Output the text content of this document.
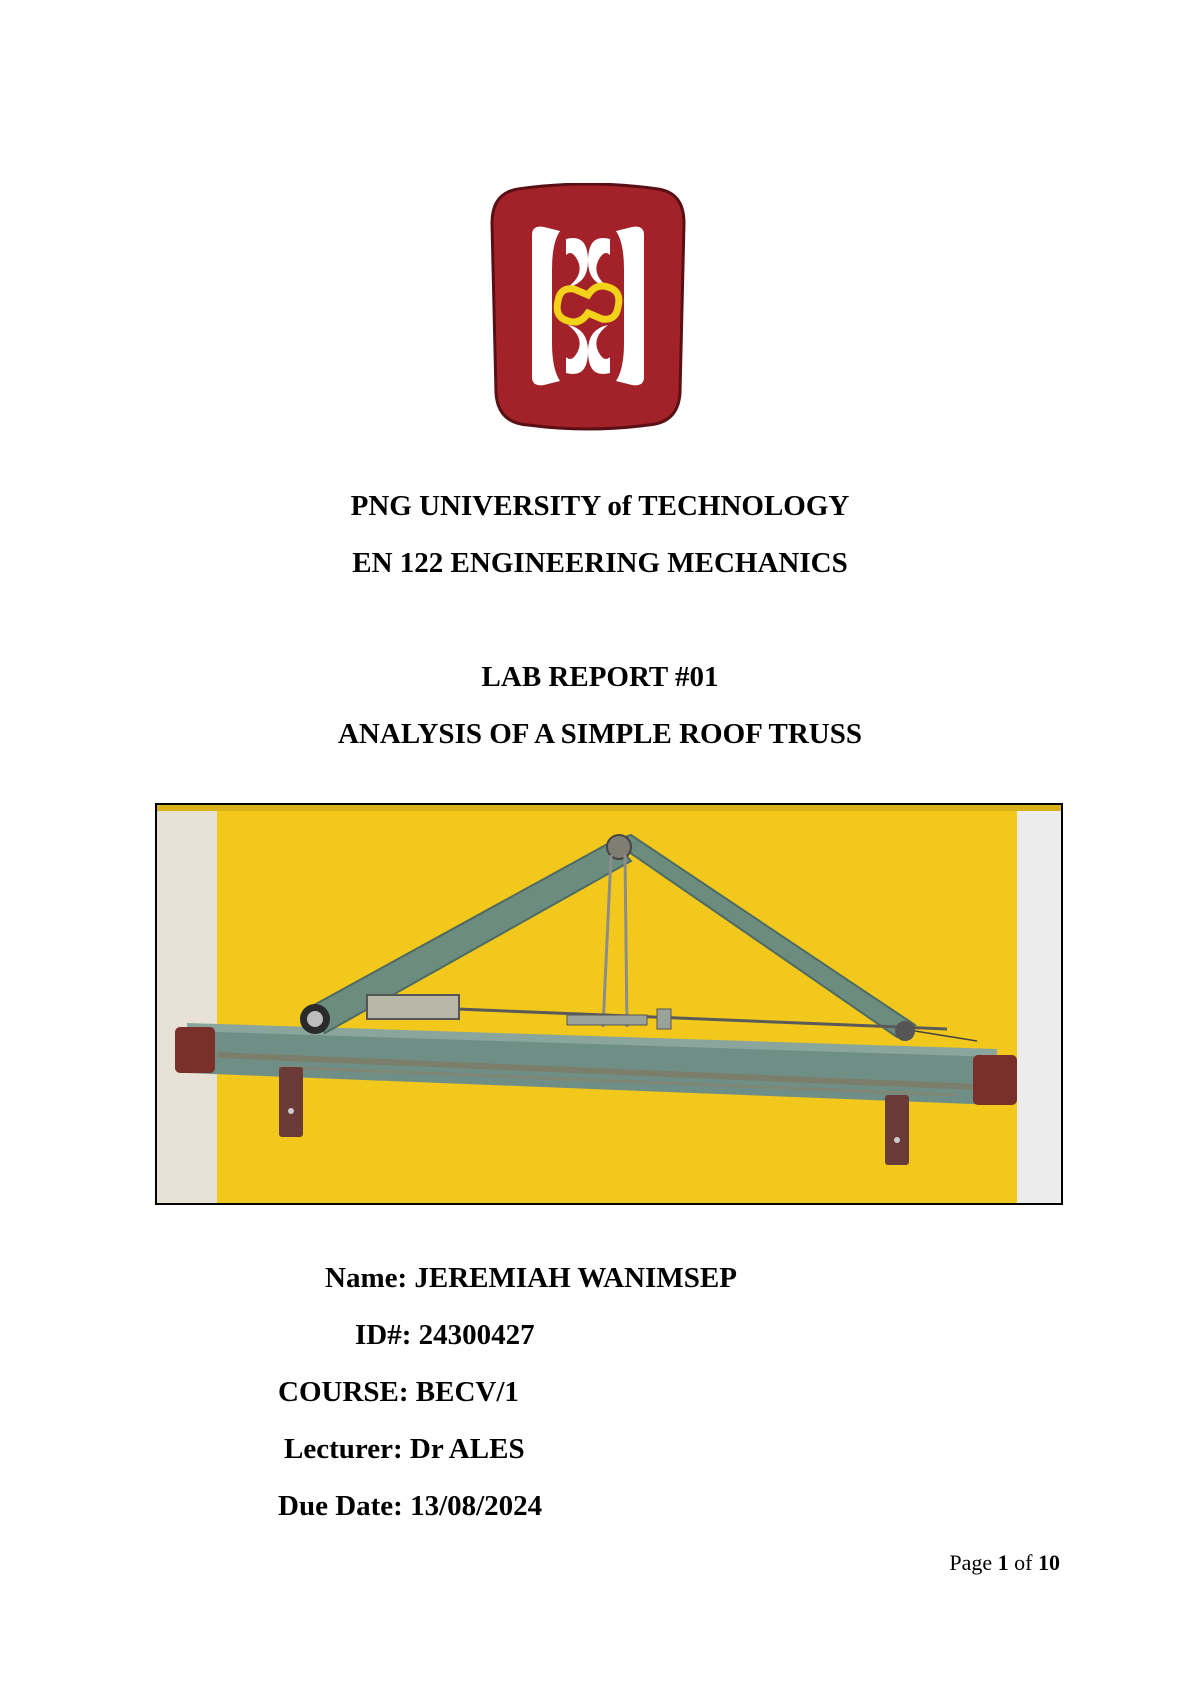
PNG UNIVERSITY of TECHNOLOGY
EN 122 ENGINEERING MECHANICS
LAB REPORT #01
ANALYSIS OF A SIMPLE ROOF TRUSS
Name: JEREMIAH WANIMSEP
ID#: 24300427
COURSE: BECV/1
Lecturer: Dr ALES
Due Date: 13/08/2024
Page 1 of 10
